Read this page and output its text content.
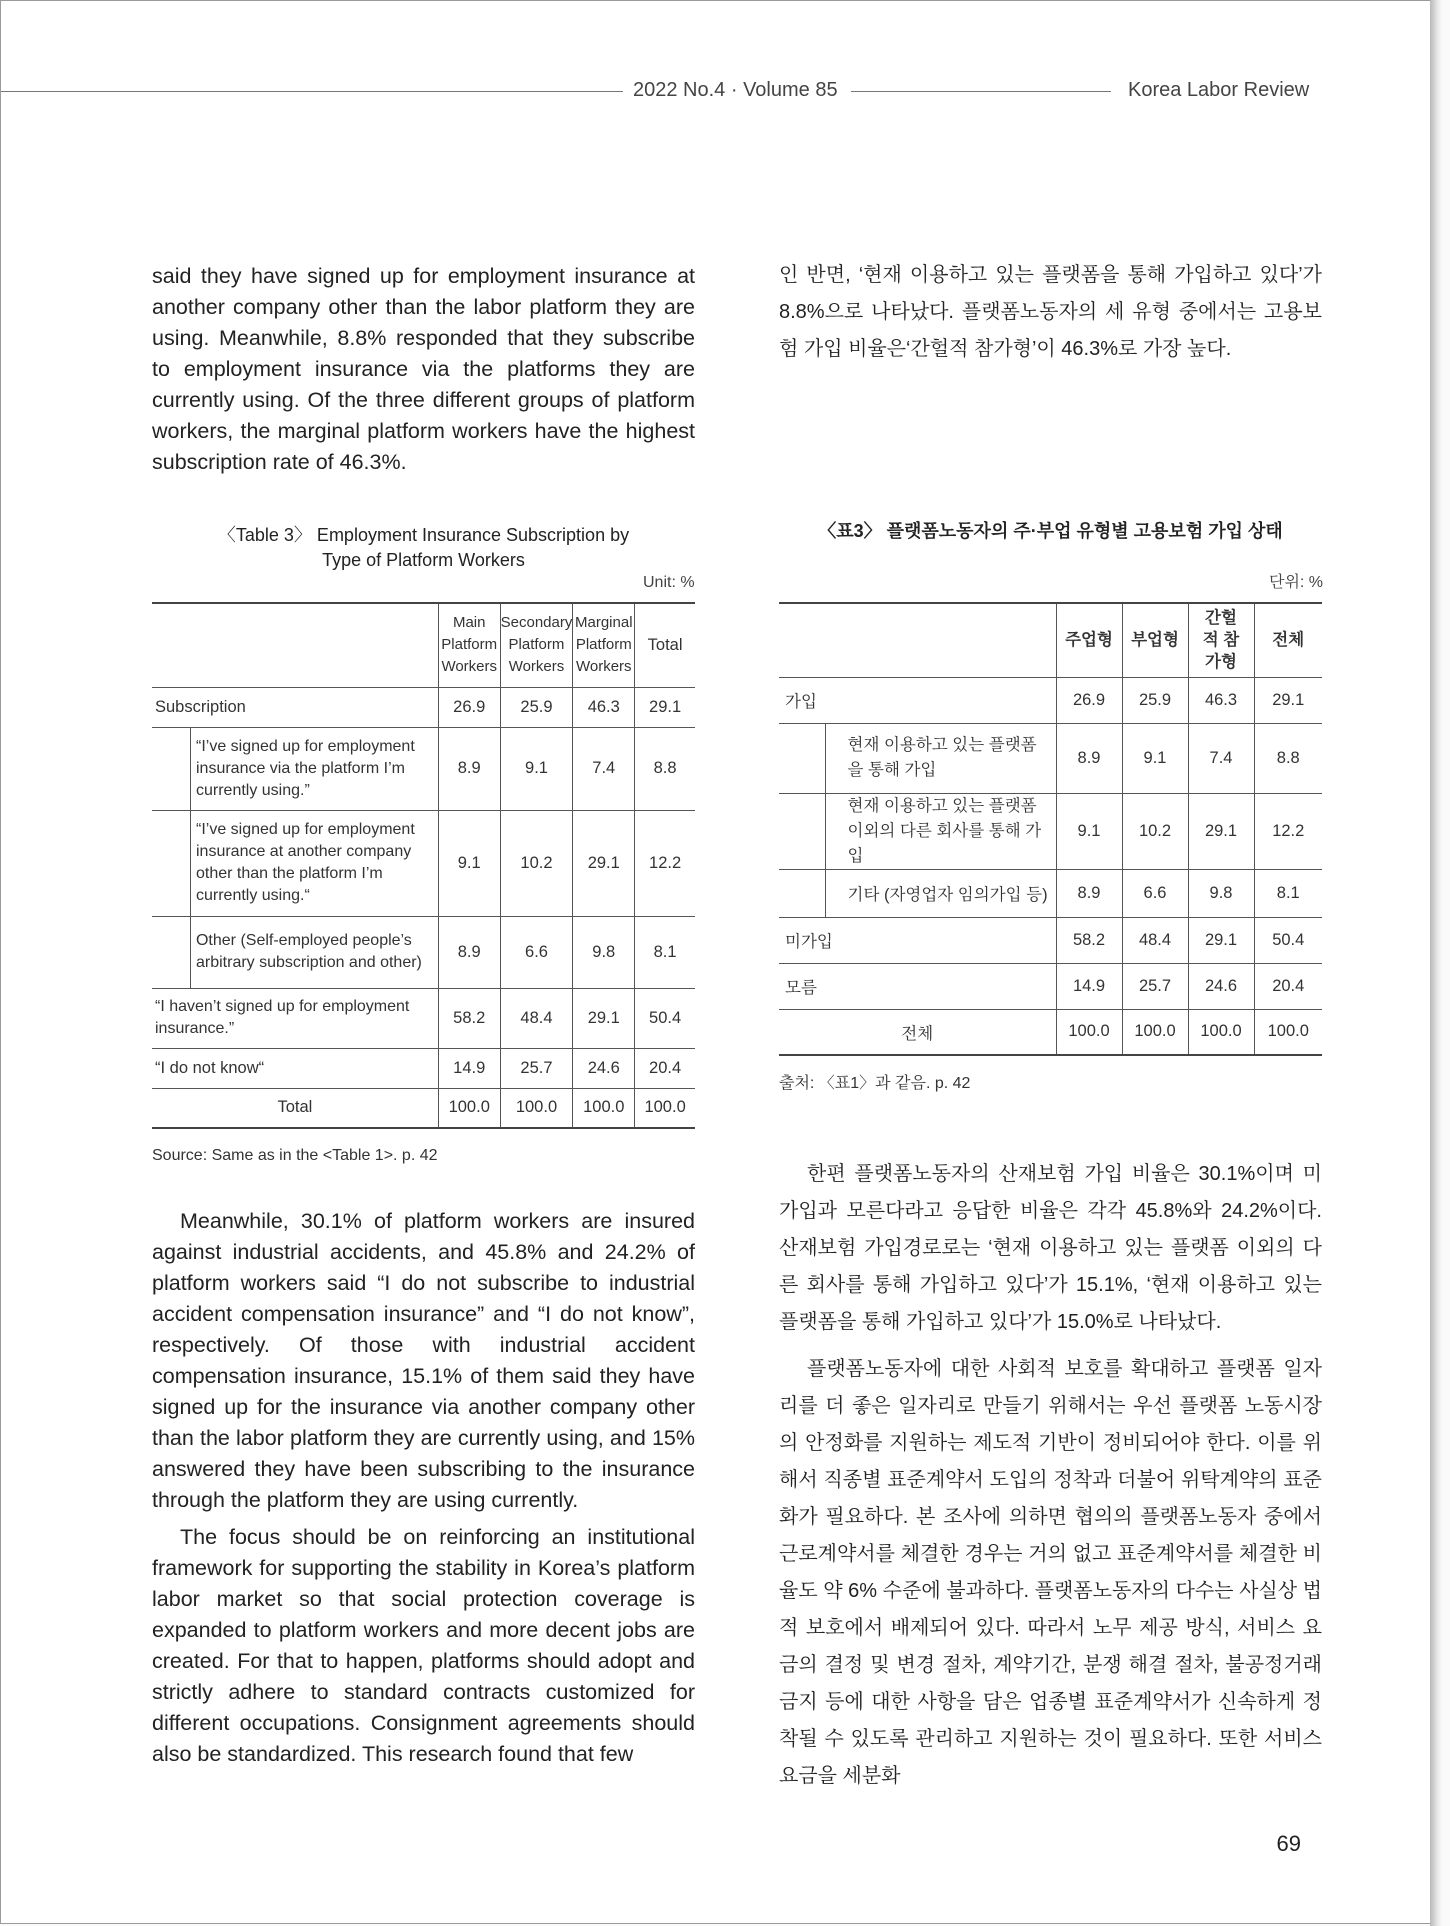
2022 No.4 · Volume 85	Korea Labor Review

said they have signed up for employment insurance at another company other than the labor platform they are using. Meanwhile, 8.8% responded that they subscribe to employment insurance via the platforms they are currently using. Of the three different groups of platform workers, the marginal platform workers have the highest subscription rate of 46.3%.

인 반면, ‘현재 이용하고 있는 플랫폼을 통해 가입하고 있다’가 8.8%으로 나타났다. 플랫폼노동자의 세 유형 중에서는 고용보험 가입 비율은‘간헐적 참가형’이 46.3%로 가장 높다.

〈Table 3〉 Employment Insurance Subscription by
Type of Platform Workers
Unit: %
		Main Platform Workers	Secondary Platform Workers	Marginal Platform Workers	Total
Subscription		26.9	25.9	46.3	29.1
	“I’ve signed up for employment insurance via the platform I’m currently using.”	8.9	9.1	7.4	8.8
	“I’ve signed up for employment insurance at another company other than the platform I’m currently using.“	9.1	10.2	29.1	12.2
	Other (Self-employed people’s arbitrary subscription and other)	8.9	6.6	9.8	8.1
“I haven’t signed up for employment insurance.”		58.2	48.4	29.1	50.4
“I do not know“		14.9	25.7	24.6	20.4
Total		100.0	100.0	100.0	100.0
Source: Same as in the <Table 1>. p. 42
〈표3〉 플랫폼노동자의 주·부업 유형별 고용보험 가입 상태
단위: %
		주업형	부업형	간헐적 참가형	전체
가입		26.9	25.9	46.3	29.1
	현재 이용하고 있는 플랫폼을 통해 가입	8.9	9.1	7.4	8.8
	현재 이용하고 있는 플랫폼 이외의 다른 회사를 통해 가입	9.1	10.2	29.1	12.2
	기타 (자영업자 임의가입 등)	8.9	6.6	9.8	8.1
미가입		58.2	48.4	29.1	50.4
모름		14.9	25.7	24.6	20.4
전체		100.0	100.0	100.0	100.0
출처: 〈표1〉과 같음. p. 42

Meanwhile, 30.1% of platform workers are insured against industrial accidents, and 45.8% and 24.2% of platform workers said “I do not subscribe to industrial accident compensation insurance” and “I do not know”, respectively. Of those with industrial accident compensation insurance, 15.1% of them said they have signed up for the insurance via another company other than the labor platform they are currently using, and 15% answered they have been subscribing to the insurance through the platform they are using currently.

The focus should be on reinforcing an institutional framework for supporting the stability in Korea’s platform labor market so that social protection coverage is expanded to platform workers and more decent jobs are created. For that to happen, platforms should adopt and strictly adhere to standard contracts customized for different occupations. Consignment agreements should also be standardized. This research found that few

한편 플랫폼노동자의 산재보험 가입 비율은 30.1%이며 미가입과 모른다라고 응답한 비율은 각각 45.8%와 24.2%이다. 산재보험 가입경로로는 ‘현재 이용하고 있는 플랫폼 이외의 다른 회사를 통해 가입하고 있다’가 15.1%, ‘현재 이용하고 있는 플랫폼을 통해 가입하고 있다’가 15.0%로 나타났다.

플랫폼노동자에 대한 사회적 보호를 확대하고 플랫폼 일자리를 더 좋은 일자리로 만들기 위해서는 우선 플랫폼 노동시장의 안정화를 지원하는 제도적 기반이 정비되어야 한다. 이를 위해서 직종별 표준계약서 도입의 정착과 더불어 위탁계약의 표준화가 필요하다. 본 조사에 의하면 협의의 플랫폼노동자 중에서 근로계약서를 체결한 경우는 거의 없고 표준계약서를 체결한 비율도 약 6% 수준에 불과하다. 플랫폼노동자의 다수는 사실상 법적 보호에서 배제되어 있다. 따라서 노무 제공 방식, 서비스 요금의 결정 및 변경 절차, 계약기간, 분쟁 해결 절차, 불공정거래 금지 등에 대한 사항을 담은 업종별 표준계약서가 신속하게 정착될 수 있도록 관리하고 지원하는 것이 필요하다. 또한 서비스 요금을 세분화

69
